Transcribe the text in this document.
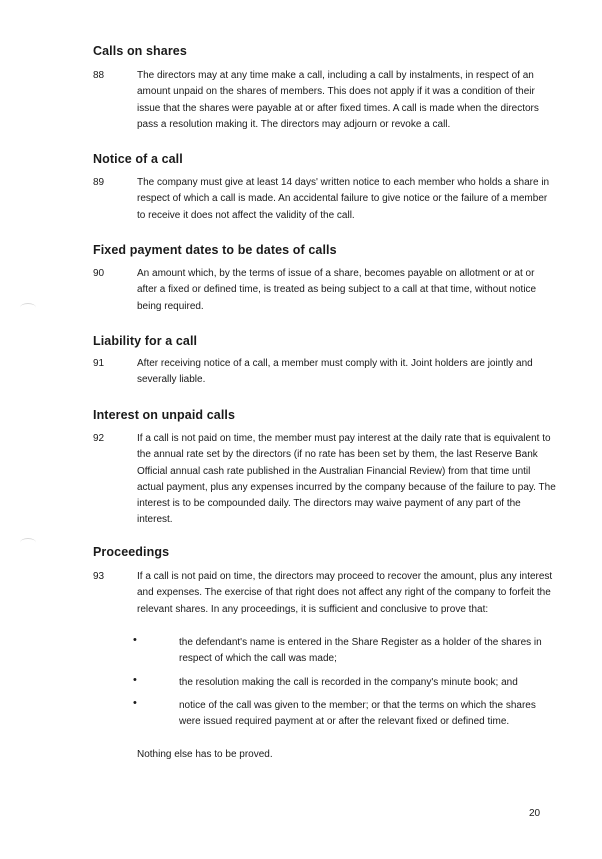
Calls on shares
88	The directors may at any time make a call, including a call by instalments, in respect of an amount unpaid on the shares of members. This does not apply if it was a condition of their issue that the shares were payable at or after fixed times. A call is made when the directors pass a resolution making it. The directors may adjourn or revoke a call.
Notice of a call
89	The company must give at least 14 days' written notice to each member who holds a share in respect of which a call is made. An accidental failure to give notice or the failure of a member to receive it does not affect the validity of the call.
Fixed payment dates to be dates of calls
90	An amount which, by the terms of issue of a share, becomes payable on allotment or at or after a fixed or defined time, is treated as being subject to a call at that time, without notice being required.
Liability for a call
91	After receiving notice of a call, a member must comply with it. Joint holders are jointly and severally liable.
Interest on unpaid calls
92	If a call is not paid on time, the member must pay interest at the daily rate that is equivalent to the annual rate set by the directors (if no rate has been set by them, the last Reserve Bank Official annual cash rate published in the Australian Financial Review) from that time until actual payment, plus any expenses incurred by the company because of the failure to pay. The interest is to be compounded daily. The directors may waive payment of any part of the interest.
Proceedings
93	If a call is not paid on time, the directors may proceed to recover the amount, plus any interest and expenses. The exercise of that right does not affect any right of the company to forfeit the relevant shares. In any proceedings, it is sufficient and conclusive to prove that:
•	the defendant's name is entered in the Share Register as a holder of the shares in respect of which the call was made;
•	the resolution making the call is recorded in the company's minute book; and
•	notice of the call was given to the member; or that the terms on which the shares were issued required payment at or after the relevant fixed or defined time.
Nothing else has to be proved.
20
